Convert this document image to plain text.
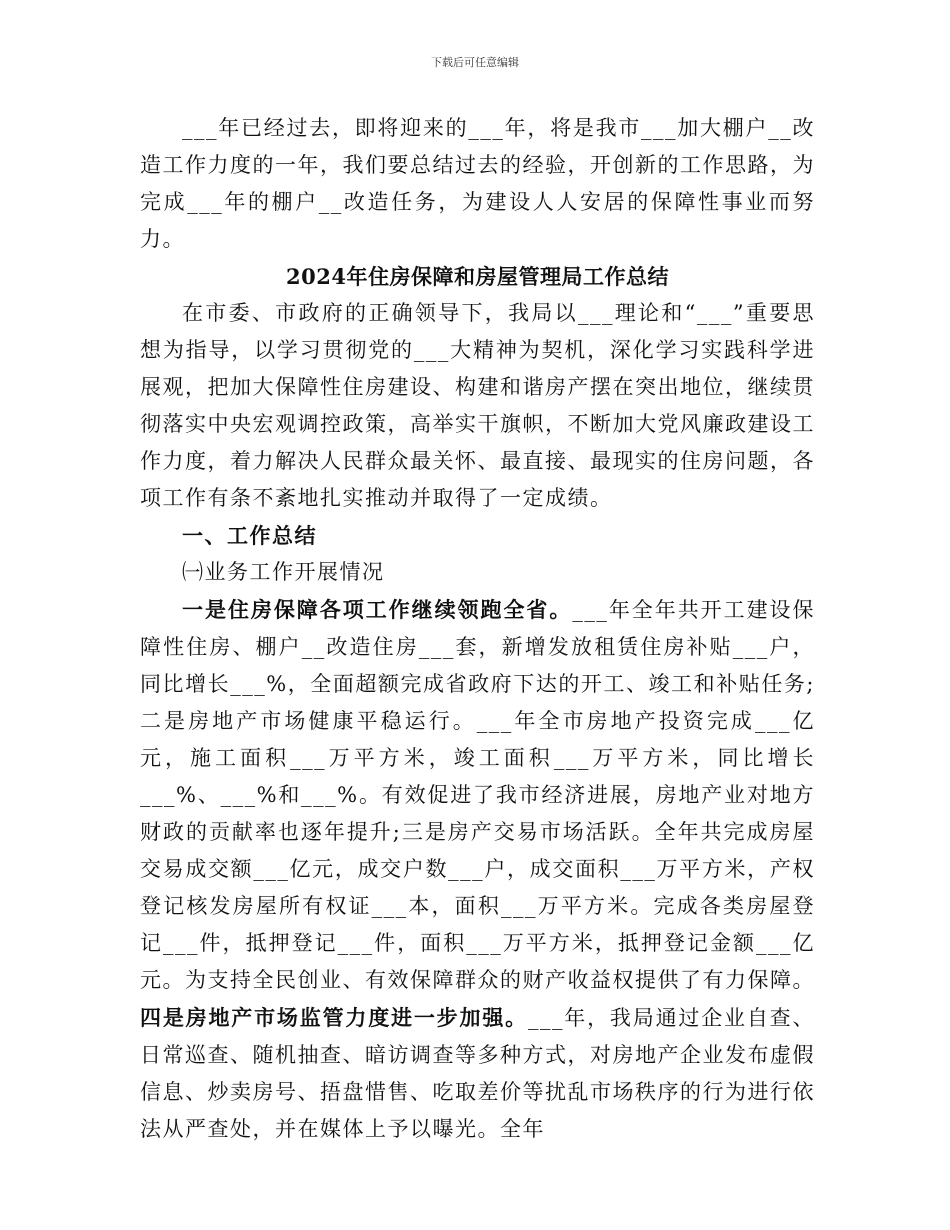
下载后可任意编辑

___年已经过去，即将迎来的___年，将是我市___加大棚户__改造工作力度的一年，我们要总结过去的经验，开创新的工作思路，为完成___年的棚户__改造任务，为建设人人安居的保障性事业而努力。

2024年住房保障和房屋管理局工作总结

在市委、市政府的正确领导下，我局以___理论和“___”重要思想为指导，以学习贯彻党的___大精神为契机，深化学习实践科学进展观，把加大保障性住房建设、构建和谐房产摆在突出地位，继续贯彻落实中央宏观调控政策，高举实干旗帜，不断加大党风廉政建设工作力度，着力解决人民群众最关怀、最直接、最现实的住房问题，各项工作有条不紊地扎实推动并取得了一定成绩。

一、工作总结

㈠业务工作开展情况

一是住房保障各项工作继续领跑全省。___年全年共开工建设保障性住房、棚户__改造住房___套，新增发放租赁住房补贴___户，同比增长___%，全面超额完成省政府下达的开工、竣工和补贴任务;二是房地产市场健康平稳运行。___年全市房地产投资完成___亿元，施工面积___万平方米，竣工面积___万平方米，同比增长___%、___%和___%。有效促进了我市经济进展，房地产业对地方财政的贡献率也逐年提升;三是房产交易市场活跃。全年共完成房屋交易成交额___亿元，成交户数___户，成交面积___万平方米，产权登记核发房屋所有权证___本，面积___万平方米。完成各类房屋登记___件，抵押登记___件，面积___万平方米，抵押登记金额___亿元。为支持全民创业、有效保障群众的财产收益权提供了有力保障。四是房地产市场监管力度进一步加强。___年，我局通过企业自查、日常巡查、随机抽查、暗访调查等多种方式，对房地产企业发布虚假信息、炒卖房号、捂盘惜售、吃取差价等扰乱市场秩序的行为进行依法从严查处，并在媒体上予以曝光。全年
